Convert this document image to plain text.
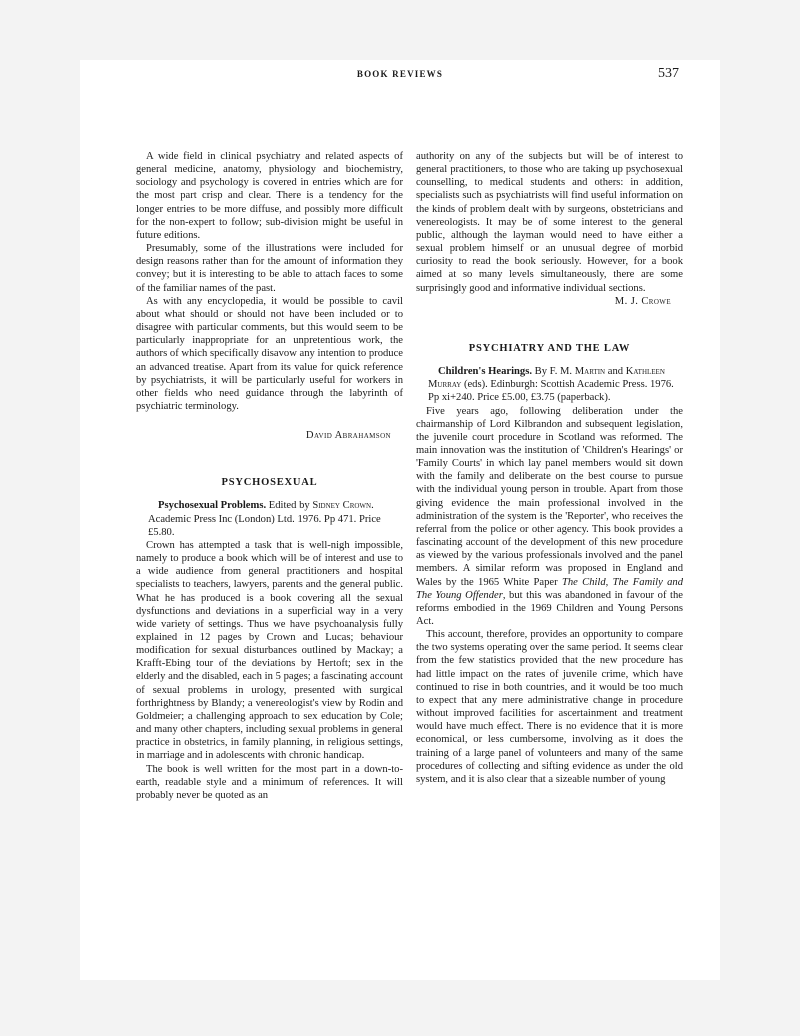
BOOK REVIEWS	537

A wide field in clinical psychiatry and related aspects of general medicine, anatomy, physiology and biochemistry, sociology and psychology is covered in entries which are for the most part crisp and clear. There is a tendency for the longer entries to be more diffuse, and possibly more difficult for the non-expert to follow; sub-division might be useful in future editions.

Presumably, some of the illustrations were included for design reasons rather than for the amount of information they convey; but it is interesting to be able to attach faces to some of the familiar names of the past.

As with any encyclopedia, it would be possible to cavil about what should or should not have been included or to disagree with particular comments, but this would seem to be particularly inappropriate for an unpretentious work, the authors of which specifically disavow any intention to produce an advanced treatise. Apart from its value for quick reference by psychiatrists, it will be particularly useful for workers in other fields who need guidance through the labyrinth of psychiatric terminology.

David Abrahamson

PSYCHOSEXUAL

Psychosexual Problems. Edited by Sidney Crown. Academic Press Inc (London) Ltd. 1976. Pp 471. Price £5.80.

Crown has attempted a task that is well-nigh impossible, namely to produce a book which will be of interest and use to a wide audience from general practitioners and hospital specialists to teachers, lawyers, parents and the general public. What he has produced is a book covering all the sexual dysfunctions and deviations in a superficial way in a very wide variety of settings. Thus we have psychoanalysis fully explained in 12 pages by Crown and Lucas; behaviour modification for sexual disturbances outlined by Mackay; a Krafft-Ebing tour of the deviations by Hertoft; sex in the elderly and the disabled, each in 5 pages; a fascinating account of sexual problems in urology, presented with surgical forthrightness by Blandy; a venereologist's view by Rodin and Goldmeier; a challenging approach to sex education by Cole; and many other chapters, including sexual problems in general practice in obstetrics, in family planning, in religious settings, in marriage and in adolescents with chronic handicap.

The book is well written for the most part in a down-to-earth, readable style and a minimum of references. It will probably never be quoted as an

authority on any of the subjects but will be of interest to general practitioners, to those who are taking up psychosexual counselling, to medical students and others: in addition, specialists such as psychiatrists will find useful information on the kinds of problem dealt with by surgeons, obstetricians and venereologists. It may be of some interest to the general public, although the layman would need to have either a sexual problem himself or an unusual degree of morbid curiosity to read the book seriously. However, for a book aimed at so many levels simultaneously, there are some surprisingly good and informative individual sections.

M. J. Crowe

PSYCHIATRY AND THE LAW

Children's Hearings. By F. M. Martin and Kathleen Murray (eds). Edinburgh: Scottish Academic Press. 1976. Pp xi+240. Price £5.00, £3.75 (paperback).

Five years ago, following deliberation under the chairmanship of Lord Kilbrandon and subsequent legislation, the juvenile court procedure in Scotland was reformed. The main innovation was the institution of 'Children's Hearings' or 'Family Courts' in which lay panel members would sit down with the family and deliberate on the best course to pursue with the individual young person in trouble. Apart from those giving evidence the main professional involved in the administration of the system is the 'Reporter', who receives the referral from the police or other agency. This book provides a fascinating account of the development of this new procedure as viewed by the various professionals involved and the panel members. A similar reform was proposed in England and Wales by the 1965 White Paper The Child, The Family and The Young Offender, but this was abandoned in favour of the reforms embodied in the 1969 Children and Young Persons Act.

This account, therefore, provides an opportunity to compare the two systems operating over the same period. It seems clear from the few statistics provided that the new procedure has had little impact on the rates of juvenile crime, which have continued to rise in both countries, and it would be too much to expect that any mere administrative change in procedure without improved facilities for ascertainment and treatment would have much effect. There is no evidence that it is more economical, or less cumbersome, involving as it does the training of a large panel of volunteers and many of the same procedures of collecting and sifting evidence as under the old system, and it is also clear that a sizeable number of young
